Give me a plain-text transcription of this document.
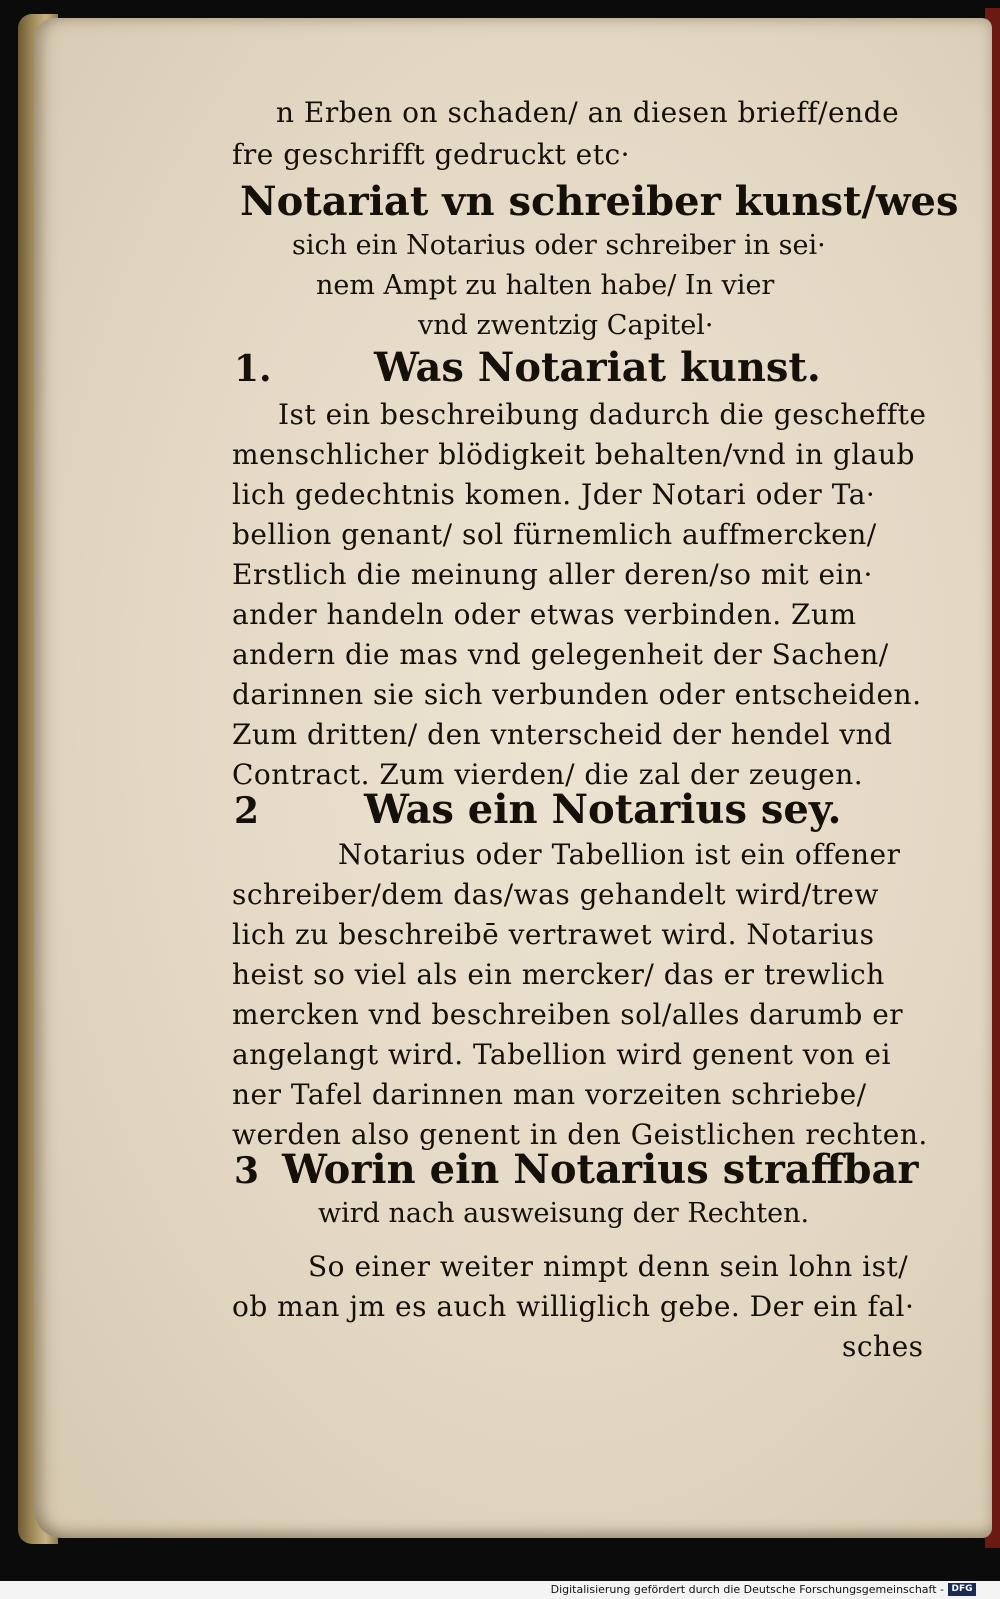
n Erben on schaden/ an diesen brieff/ende
fre geschrifft gedruckt etc·
Notariat vn schreiber kunst/wes
sich ein Notarius oder schreiber in sei·
nem Ampt zu halten habe/ In vier
vnd zwentzig Capitel·
1.	Was Notariat kunst.
Ist ein beschreibung dadurch die gescheffte
menschlicher blödigkeit behalten/vnd in glaub
lich gedechtnis komen. Jder Notari oder Ta·
bellion genant/ sol fürnemlich auffmercken/
Erstlich die meinung aller deren/so mit ein·
ander handeln oder etwas verbinden. Zum
andern die mas vnd gelegenheit der Sachen/
darinnen sie sich verbunden oder entscheiden.
Zum dritten/ den vnterscheid der hendel vnd
Contract. Zum vierden/ die zal der zeugen.
2	Was ein Notarius sey.
Notarius oder Tabellion ist ein offener
schreiber/dem das/was gehandelt wird/trew
lich zu beschreibē vertrawet wird. Notarius
heist so viel als ein mercker/ das er trewlich
mercken vnd beschreiben sol/alles darumb er
angelangt wird. Tabellion wird genent von ei
ner Tafel darinnen man vorzeiten schriebe/
werden also genent in den Geistlichen rechten.
3 Worin ein Notarius straffbar
wird nach ausweisung der Rechten.
So einer weiter nimpt denn sein lohn ist/
ob man jm es auch williglich gebe. Der ein fal·
sches
Digitalisierung gefördert durch die Deutsche Forschungsgemeinschaft - DFG
